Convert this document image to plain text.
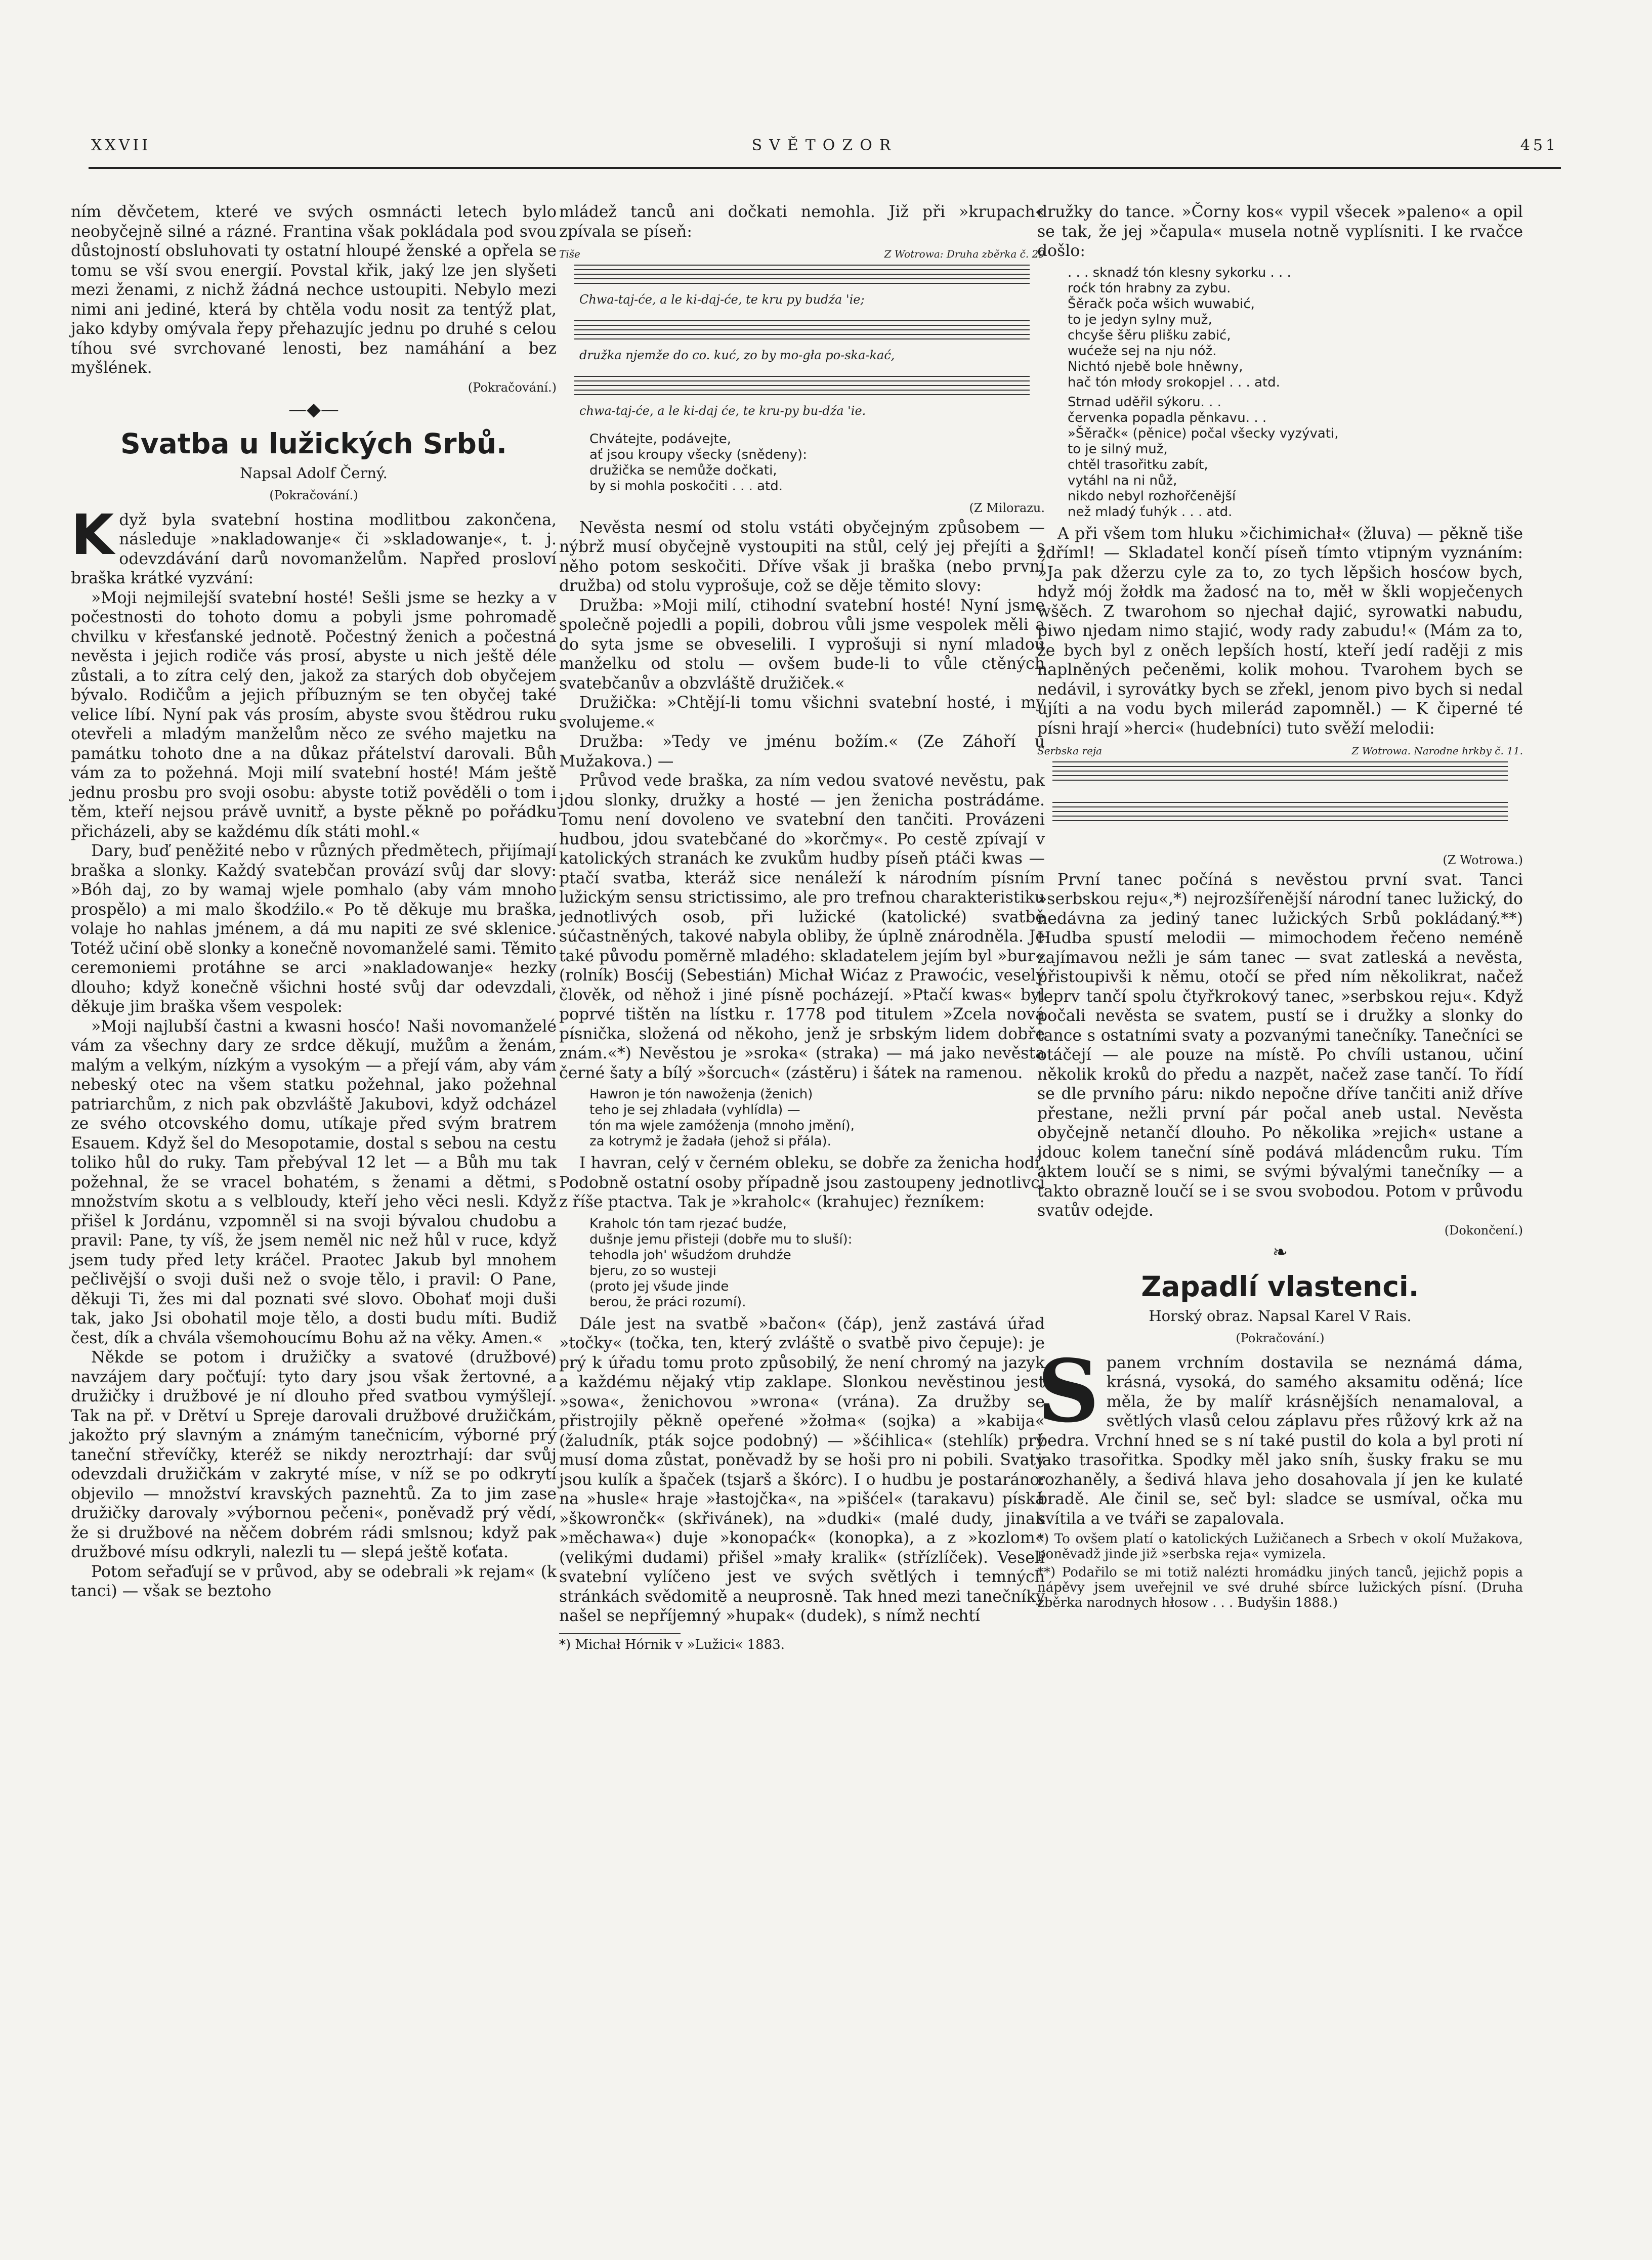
XXVII	SVĚTOZOR	451

ním děvčetem, které ve svých osmnácti letech bylo neobyčejně silné a rázné. Frantina však pokládala pod svou důstojností obsluhovati ty ostatní hloupé ženské a opřela se tomu se vší svou energií. Povstal křik, jaký lze jen slyšeti mezi ženami, z nichž žádná nechce ustoupiti. Nebylo mezi nimi ani jediné, která by chtěla vodu nosit za tentýž plat, jako kdyby omývala řepy přehazujíc jednu po druhé s celou tíhou své svrchované lenosti, bez namáhání a bez myšlének.

(Pokračování.)
—◆—
Svatba u lužických Srbů.
Napsal Adolf Černý.
(Pokračování.)

Když byla svatební hostina modlitbou zakončena, následuje »nakladowanje« či »skladowanje«, t. j. odevzdávání darů novomanželům. Napřed prosloví braška krátké vyzvání:

»Moji nejmilejší svatební hosté! Sešli jsme se hezky a v počestnosti do tohoto domu a pobyli jsme pohromadě chvilku v křesťanské jednotě. Počestný ženich a počestná nevěsta i jejich rodiče vás prosí, abyste u nich ještě déle zůstali, a to zítra celý den, jakož za starých dob obyčejem bývalo. Rodičům a jejich příbuzným se ten obyčej také velice líbí. Nyní pak vás prosím, abyste svou štědrou ruku otevřeli a mladým manželům něco ze svého majetku na památku tohoto dne a na důkaz přátelství darovali. Bůh vám za to požehná. Moji milí svatební hosté! Mám ještě jednu prosbu pro svoji osobu: abyste totiž pověděli o tom i těm, kteří nejsou právě uvnitř, a byste pěkně po pořádku přicházeli, aby se každému dík státi mohl.«

Dary, buď peněžité nebo v různých předmětech, přijímají braška a slonky. Každý svatebčan provází svůj dar slovy: »Bóh daj, zo by wamaj wjele pomhalo (aby vám mnoho prospělo) a mi malo škodźilo.« Po tě děkuje mu braška, volaje ho nahlas jménem, a dá mu napiti ze své sklenice. Totéž učiní obě slonky a konečně novomanželé sami. Těmito ceremoniemi protáhne se arci »nakladowanje« hezky dlouho; když konečně všichni hosté svůj dar odevzdali, děkuje jim braška všem vespolek:

»Moji najlubší častni a kwasni hosćo! Naši novomanželé vám za všechny dary ze srdce děkují, mužům a ženám, malým a velkým, nízkým a vysokým — a přejí vám, aby vám nebeský otec na všem statku požehnal, jako požehnal patriarchům, z nich pak obzvláště Jakubovi, když odcházel ze svého otcovského domu, utíkaje před svým bratrem Esauem. Když šel do Mesopotamie, dostal s sebou na cestu toliko hůl do ruky. Tam přebýval 12 let — a Bůh mu tak požehnal, že se vracel bohatém, s ženami a dětmi, s množstvím skotu a s velbloudy, kteří jeho věci nesli. Když přišel k Jordánu, vzpomněl si na svoji bývalou chudobu a pravil: Pane, ty víš, že jsem neměl nic než hůl v ruce, když jsem tudy před lety kráčel. Praotec Jakub byl mnohem pečlivější o svoji duši než o svoje tělo, i pravil: O Pane, děkuji Ti, žes mi dal poznati své slovo. Obohať moji duši tak, jako Jsi obohatil moje tělo, a dosti budu míti. Budiž čest, dík a chvála všemohoucímu Bohu až na věky. Amen.«

Někde se potom i družičky a svatové (družbové) navzájem dary počťují: tyto dary jsou však žertovné, a družičky i družbové je ní dlouho před svatbou vymýšlejí. Tak na př. v Drětví u Spreje darovali družbové družičkám, jakožto prý slavným a známým tanečnicím, výborné prý taneční střevíčky, kteréž se nikdy neroztrhají: dar svůj odevzdali družičkám v zakryté míse, v níž se po odkrytí objevilo — množství kravských paznehtů. Za to jim zase družičky darovaly »výbornou pečeni«, poněvadž prý vědí, že si družbové na něčem dobrém rádi smlsnou; když pak družbové mísu odkryli, nalezli tu — slepá ještě koťata.

Potom seřaďují se v průvod, aby se odebrali »k rejam« (k tanci) — však se beztoho

mládež tanců ani dočkati nemohla. Již při »krupach« zpívala se píseň:

Tiše	Z Wotrowa: Druha zběrka č. 29
Chwa-taj-će, a le ki-daj-će, te kru py budźa 'ie;
družka njemže do co. kuć, zo by mo-gła po-ska-kać,
chwa-taj-će, a le ki-daj će, te kru-py bu-dźa 'ie.
Chvátejte, podávejte,
ať jsou kroupy všecky (snědeny):
družička se nemůže dočkati,
by si mohla poskočiti . . . atd.
(Z Milorazu.

Nevěsta nesmí od stolu vstáti obyčejným způsobem — nýbrž musí obyčejně vystoupiti na stůl, celý jej přejíti a s něho potom seskočiti. Dříve však ji braška (nebo první družba) od stolu vyprošuje, což se děje těmito slovy:

Družba: »Moji milí, ctihodní svatební hosté! Nyní jsme společně pojedli a popili, dobrou vůli jsme vespolek měli a do syta jsme se obveselili. I vyprošuji si nyní mladou manželku od stolu — ovšem bude-li to vůle ctěných svatebčanův a obzvláště družiček.«

Družička: »Chtějí-li tomu všichni svatební hosté, i my svolujeme.«

Družba: »Tedy ve jménu božím.« (Ze Záhoří u Mužakova.) —

Průvod vede braška, za ním vedou svatové nevěstu, pak jdou slonky, družky a hosté — jen ženicha postrádáme. Tomu není dovoleno ve svatební den tančiti. Provázeni hudbou, jdou svatebčané do »korčmy«. Po cestě zpívají v katolických stranách ke zvukům hudby píseň ptáči kwas — ptačí svatba, kteráž sice nenáleží k národním písním lužickým sensu strictissimo, ale pro trefnou charakteristiku jednotlivých osob, při lužické (katolické) svatbě súčastněných, takové nabyla obliby, že úplně znárodněla. Je také původu poměrně mladého: skladatelem jejím byl »bur« (rolník) Bosćij (Sebestián) Michał Wićaz z Prawoćic, veselý člověk, od něhož i jiné písně pocházejí. »Ptačí kwas« byl poprvé tištěn na lístku r. 1778 pod titulem »Zcela nová písnička, složená od někoho, jenž je srbským lidem dobře znám.«*) Nevěstou je »sroka« (straka) — má jako nevěsta černé šaty a bílý »šorcuch« (zástěru) i šátek na ramenou.

Hawron je tón nawoženja (ženich)
teho je sej zhladała (vyhlídla) —
tón ma wjele zamóženja (mnoho jmění),
za kotrymž je žadała (jehož si přála).

I havran, celý v černém obleku, se dobře za ženicha hodí. Podobně ostatní osoby případně jsou zastoupeny jednotlivci z říše ptactva. Tak je »kraholc« (krahujec) řezníkem:

Kraholc tón tam rjezać budźe,
dušnje jemu přisteji (dobře mu to sluší):
tehodla joh' wšudźom druhdźe
bjeru, zo so wusteji
(proto jej všude jinde
berou, že práci rozumí).

Dále jest na svatbě »bačon« (čáp), jenž zastává úřad »točky« (točka, ten, který zvláště o svatbě pivo čepuje): je prý k úřadu tomu proto způsobilý, že není chromý na jazyk a každému nějaký vtip zaklape. Slonkou nevěstinou jest »sowa«, ženichovou »wrona« (vrána). Za družby se přistrojily pěkně opeřené »žołma« (sojka) a »kabija« (žaludník, pták sojce podobný) — »šćihlica« (stehlík) prý musí doma zůstat, poněvadž by se hoši pro ni pobili. Svaty jsou kulík a špaček (tsjarš a škórc). I o hudbu je postaráno: na »husle« hraje »łastojčka«, na »pišćel« (tarakavu) píská »škowrončk« (skřivánek), na »dudki« (malé dudy, jinak »měchawa«) duje »konopaćk« (konopka), a z »kozlom« (velikými dudami) přišel »mały kralik« (střízlíček). Veselí svatební vylíčeno jest ve svých světlých i temných stránkách svědomitě a neuprosně. Tak hned mezi tanečníky našel se nepříjemný »hupak« (dudek), s nímž nechtí

*) Michał Hórnik v »Lužici« 1883.

družky do tance. »Čorny kos« vypil všecek »paleno« a opil se tak, že jej »čapula« musela notně vyplísniti. I ke rvačce došlo:

. . . sknadź tón klesny sykorku . . .
roćk tón hrabny za zybu.
Šěračk poča wšich wuwabić,
to je jedyn sylny muž,
chcyše šěru plišku zabić,
wućeže sej na nju nóž.
Nichtó njebě bole hněwny,
hač tón młody srokopjel . . . atd.
Strnad uděřil sýkoru. . .
červenka popadla pěnkavu. . .
»Šěračk« (pěnice) počal všecky vyzývati,
to je silný muž,
chtěl trasořitku zabít,
vytáhl na ni nůž,
nikdo nebyl rozhořčenější
než mladý ťuhýk . . . atd.

A při všem tom hluku »čichimichał« (žluva) — pěkně tiše zdříml! — Skladatel končí píseň tímto vtipným vyznáním: »Ja pak džerzu cyle za to, zo tych lěpšich hosćow bych, hdyž mój žołdk ma žadosć na to, měł w škli wopječenych wšěch. Z twarohom so njechał dajić, syrowatki nabudu, piwo njedam nimo stajić, wody rady zabudu!« (Mám za to, že bych byl z oněch lepších hostí, kteří jedí raději z mis naplněných pečeněmi, kolik mohou. Tvarohem bych se nedávil, i syrovátky bych se zřekl, jenom pivo bych si nedal ujíti a na vodu bych milerád zapomněl.) — K čiperné té písni hrají »herci« (hudebníci) tuto svěží melodii:

Serbska reja	Z Wotrowa. Narodne hrkby č. 11.
(Z Wotrowa.)

První tanec počíná s nevěstou první svat. Tanci »serbskou reju«,*) nejrozšířenější národní tanec lužický, do nedávna za jediný tanec lužických Srbů pokládaný.**) Hudba spustí melodii — mimochodem řečeno neméně zajímavou nežli je sám tanec — svat zatleská a nevěsta, přistoupivši k němu, otočí se před ním několikrat, načež teprv tančí spolu čtyřkrokový tanec, »serbskou reju«. Když počali nevěsta se svatem, pustí se i družky a slonky do tance s ostatními svaty a pozvanými tanečníky. Tanečníci se otáčejí — ale pouze na místě. Po chvíli ustanou, učiní několik kroků do předu a nazpět, načež zase tančí. To řídí se dle prvního páru: nikdo nepočne dříve tančiti aniž dříve přestane, nežli první pár počal aneb ustal. Nevěsta obyčejně netančí dlouho. Po několika »rejich« ustane a jdouc kolem taneční síně podává mládencům ruku. Tím aktem loučí se s nimi, se svými bývalými tanečníky — a takto obrazně loučí se i se svou svobodou. Potom v průvodu svatův odejde.

(Dokončení.)
❧
Zapadlí vlastenci.
Horský obraz. Napsal Karel V Rais.
(Pokračování.)

Spanem vrchním dostavila se neznámá dáma, krásná, vysoká, do samého aksamitu oděná; líce měla, že by malíř krásnějších nenamaloval, a světlých vlasů celou záplavu přes růžový krk až na bedra. Vrchní hned se s ní také pustil do kola a byl proti ní jako trasořitka. Spodky měl jako sníh, šusky fraku se mu rozhaněly, a šedivá hlava jeho dosahovala jí jen ke kulaté bradě. Ale činil se, seč byl: sladce se usmíval, očka mu svítila a ve tváři se zapalovala.

*) To ovšem platí o katolických Lužičanech a Srbech v okolí Mužakova, poněvadž jinde již »serbska reja« vymizela.
**) Podařilo se mi totiž nalézti hromádku jiných tanců, jejichž popis a nápěvy jsem uveřejnil ve své druhé sbírce lužických písní. (Druha zběrka narodnych hłosow . . . Budyšin 1888.)
